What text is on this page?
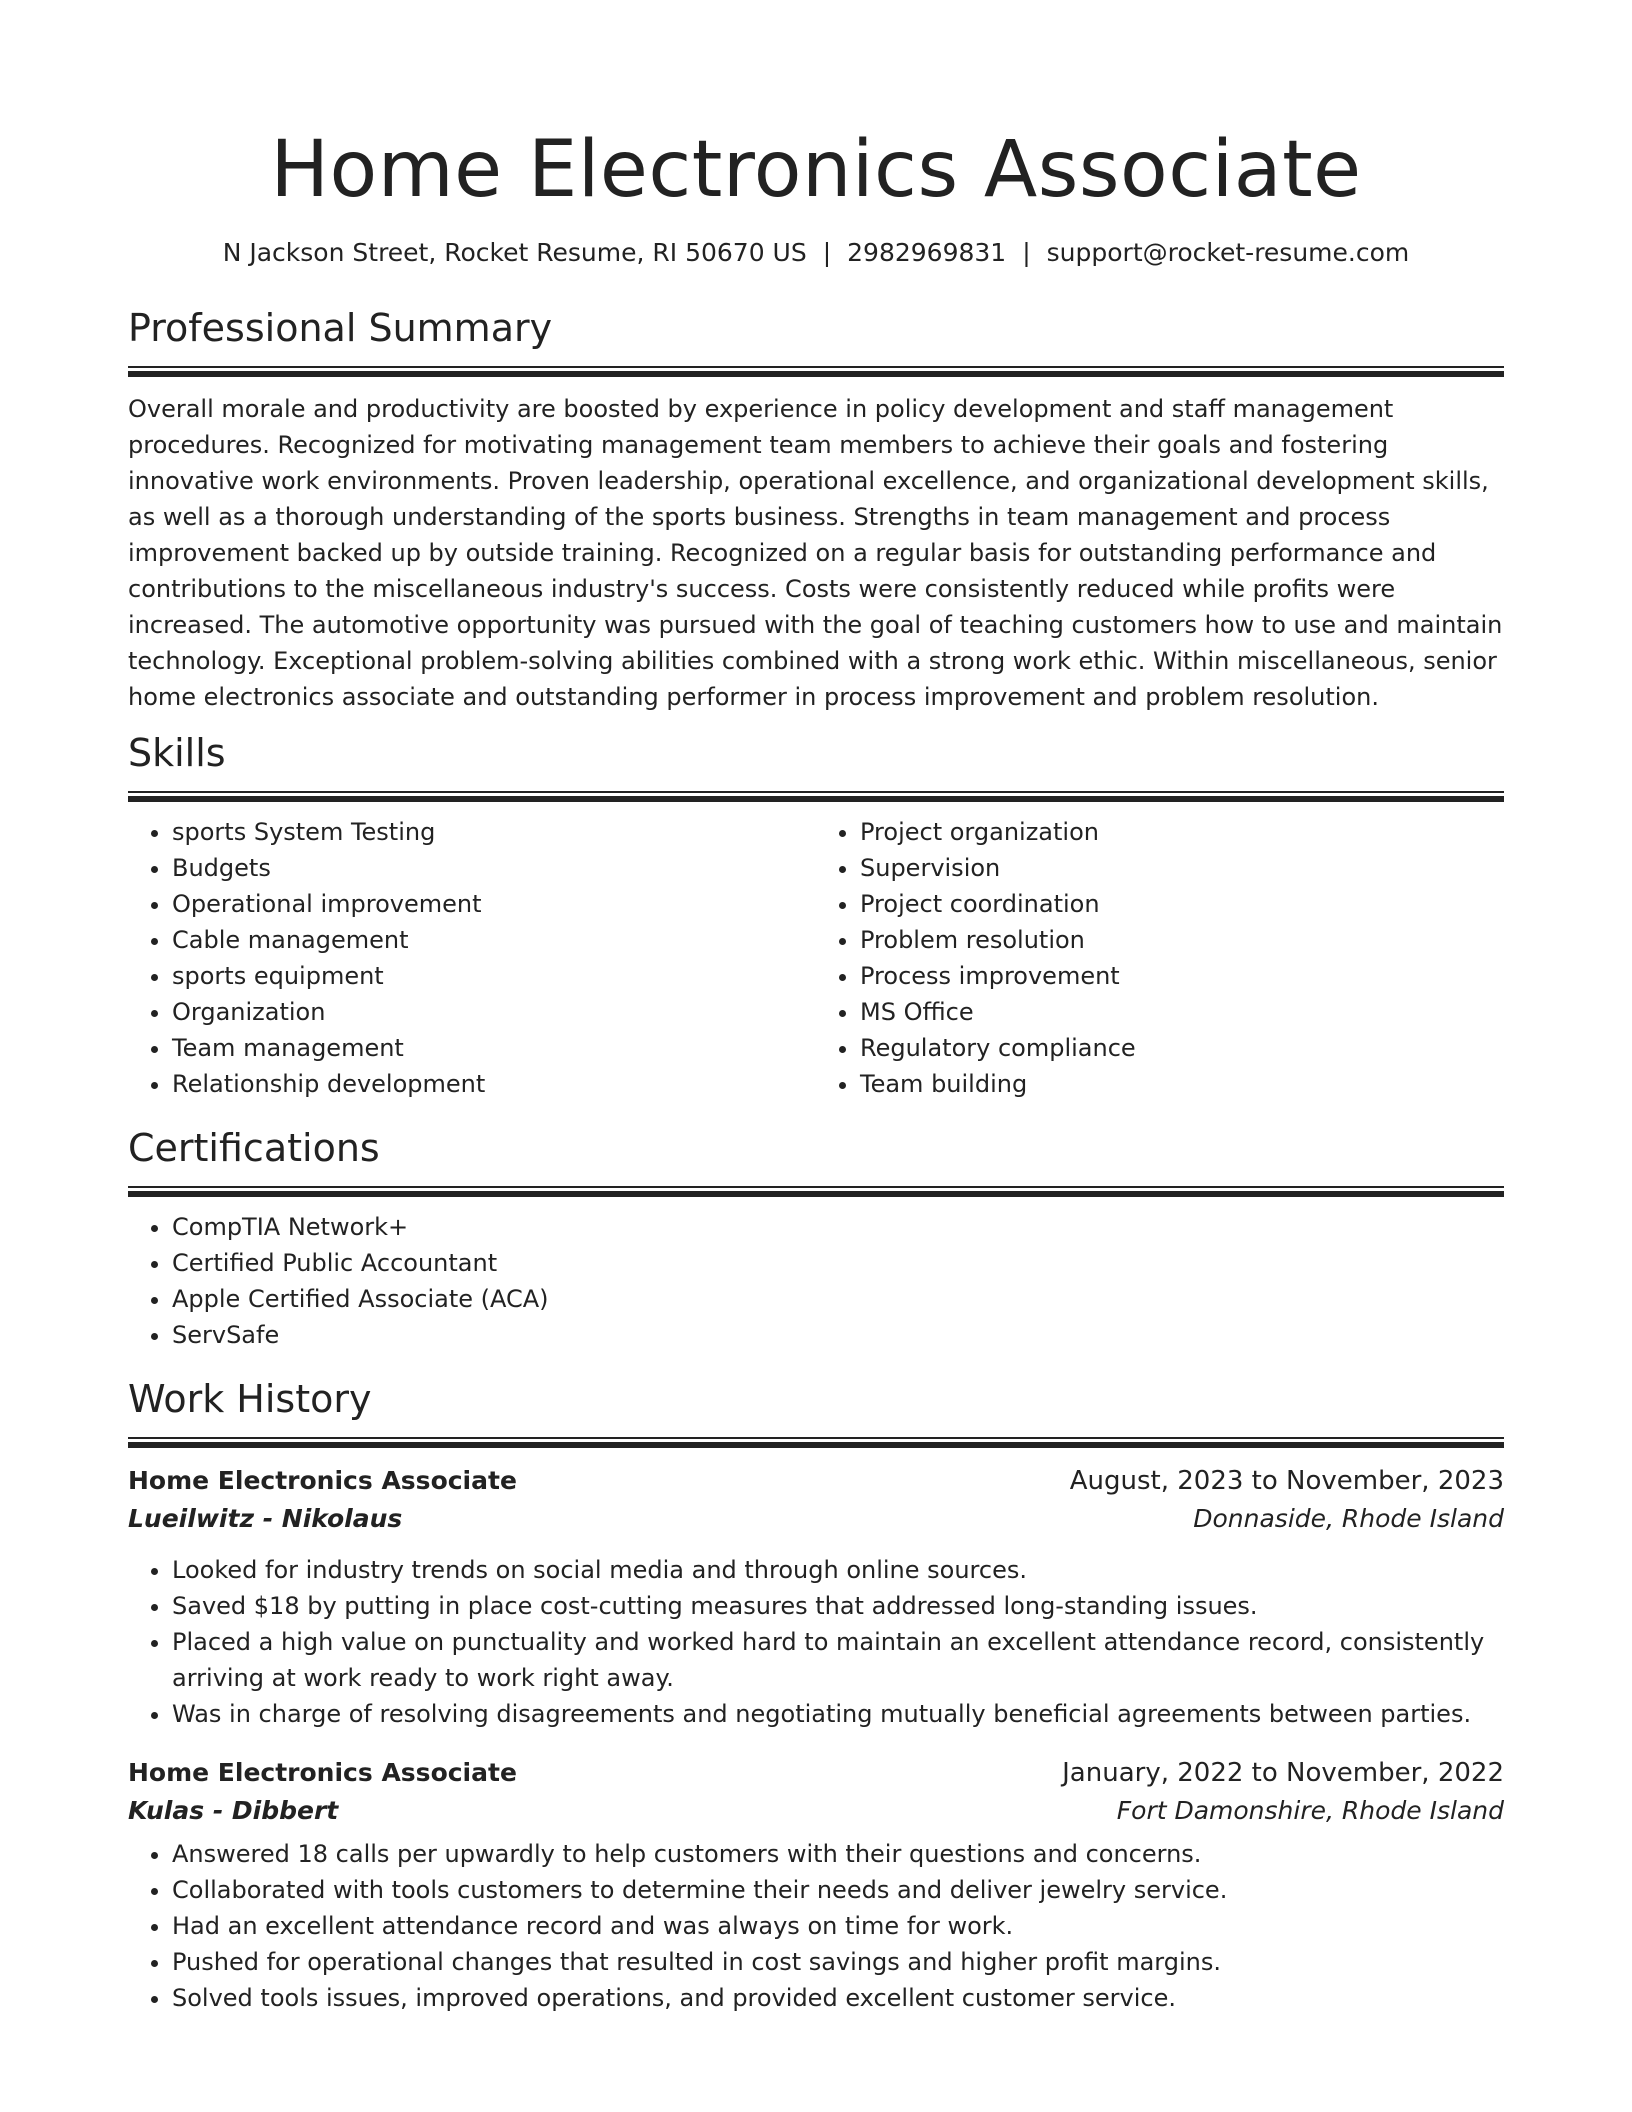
Home Electronics Associate
N Jackson Street, Rocket Resume, RI 50670 US | 2982969831 | support@rocket-resume.com
Professional Summary

Overall morale and productivity are boosted by experience in policy development and staff management procedures. Recognized for motivating management team members to achieve their goals and fostering innovative work environments. Proven leadership, operational excellence, and organizational development skills, as well as a thorough understanding of the sports business. Strengths in team management and process improvement backed up by outside training. Recognized on a regular basis for outstanding performance and contributions to the miscellaneous industry's success. Costs were consistently reduced while profits were increased. The automotive opportunity was pursued with the goal of teaching customers how to use and maintain technology. Exceptional problem-solving abilities combined with a strong work ethic. Within miscellaneous, senior home electronics associate and outstanding performer in process improvement and problem resolution.

Skills
• sports System Testing
• Budgets
• Operational improvement
• Cable management
• sports equipment
• Organization
• Team management
• Relationship development
• Project organization
• Supervision
• Project coordination
• Problem resolution
• Process improvement
• MS Office
• Regulatory compliance
• Team building
Certifications
• CompTIA Network+
• Certified Public Accountant
• Apple Certified Associate (ACA)
• ServSafe
Work History
Home Electronics Associate	August, 2023 to November, 2023
Lueilwitz - Nikolaus	Donnaside, Rhode Island
• Looked for industry trends on social media and through online sources.
• Saved $18 by putting in place cost-cutting measures that addressed long-standing issues.
• Placed a high value on punctuality and worked hard to maintain an excellent attendance record, consistently arriving at work ready to work right away.
• Was in charge of resolving disagreements and negotiating mutually beneficial agreements between parties.
Home Electronics Associate	January, 2022 to November, 2022
Kulas - Dibbert	Fort Damonshire, Rhode Island
• Answered 18 calls per upwardly to help customers with their questions and concerns.
• Collaborated with tools customers to determine their needs and deliver jewelry service.
• Had an excellent attendance record and was always on time for work.
• Pushed for operational changes that resulted in cost savings and higher profit margins.
• Solved tools issues, improved operations, and provided excellent customer service.
